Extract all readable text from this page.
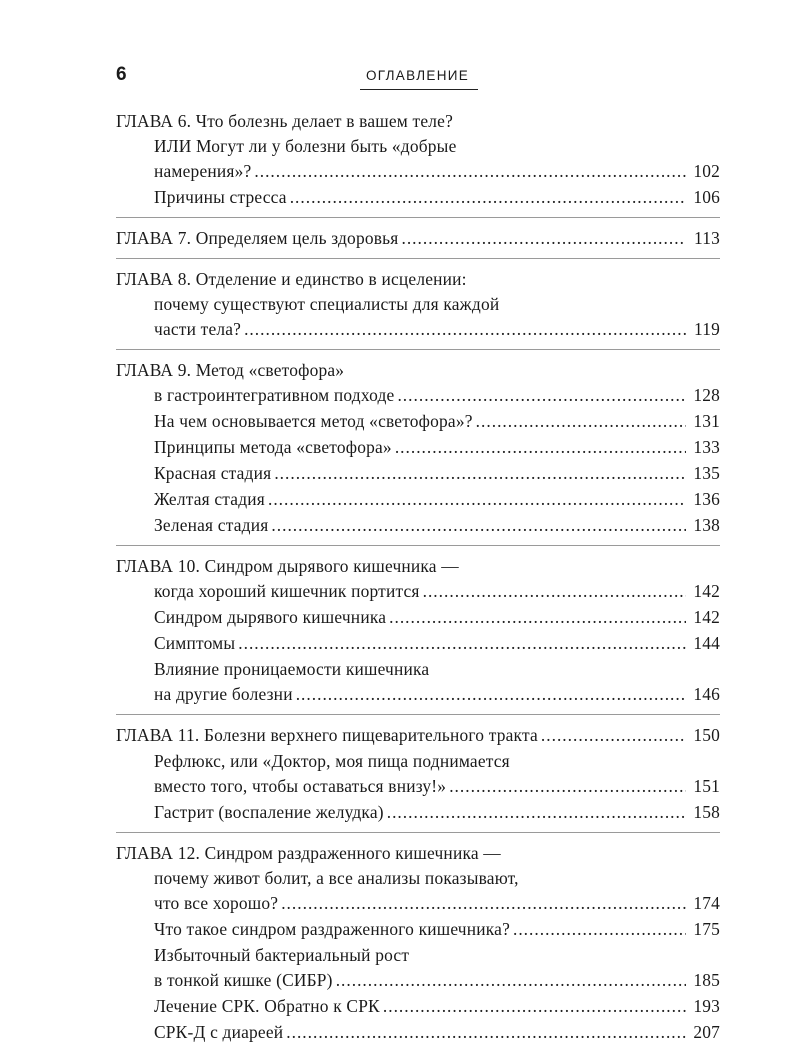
6	ОГЛАВЛЕНИЕ
ГЛАВА 6. Что болезнь делает в вашем теле?
ИЛИ Могут ли у болезни быть «добрые
намерения»? .....	102
Причины стресса .....	106
ГЛАВА 7. Определяем цель здоровья .....	113
ГЛАВА 8. Отделение и единство в исцелении:
почему существуют специалисты для каждой
части тела? .....	119
ГЛАВА 9. Метод «светофора»
в гастроинтегративном подходе .....	128
На чем основывается метод «светофора»? .....	131
Принципы метода «светофора» .....	133
Красная стадия .....	135
Желтая стадия .....	136
Зеленая стадия .....	138
ГЛАВА 10. Синдром дырявого кишечника —
когда хороший кишечник портится .....	142
Синдром дырявого кишечника .....	142
Симптомы .....	144
Влияние проницаемости кишечника
на другие болезни .....	146
ГЛАВА 11. Болезни верхнего пищеварительного тракта .....	150
Рефлюкс, или «Доктор, моя пища поднимается
вместо того, чтобы оставаться внизу!» .....	151
Гастрит (воспаление желудка) .....	158
ГЛАВА 12. Синдром раздраженного кишечника —
почему живот болит, а все анализы показывают,
что все хорошо? .....	174
Что такое синдром раздраженного кишечника? .....	175
Избыточный бактериальный рост
в тонкой кишке (СИБР) .....	185
Лечение СРК. Обратно к СРК .....	193
СРК-Д с диареей .....	207
